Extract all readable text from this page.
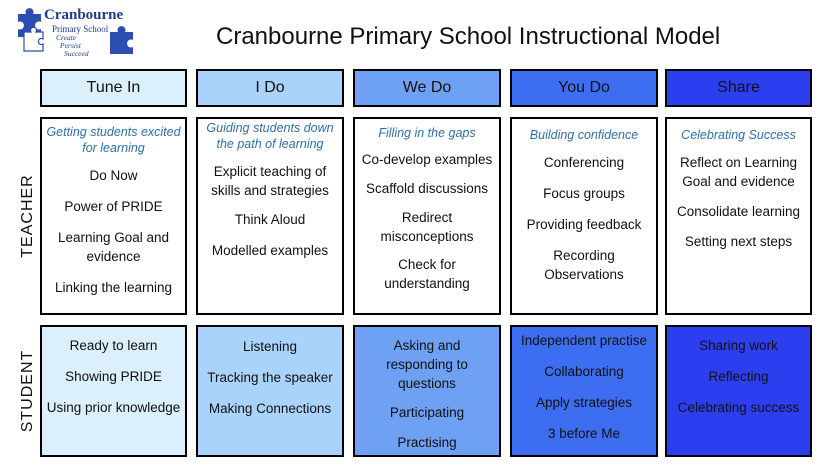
Cranbourne
Primary School
Create
Persist
Succeed
Cranbourne Primary School Instructional Model
TEACHER
STUDENT
Tune In
Getting students excited for learning
Do Now
Power of PRIDE
Learning Goal and evidence
Linking the learning
Ready to learn
Showing PRIDE
Using prior knowledge
I Do
Guiding students down the path of learning
Explicit teaching of skills and strategies
Think Aloud
Modelled examples
Listening
Tracking the speaker
Making Connections
We Do
Filling in the gaps
Co-develop examples
Scaffold discussions
Redirect misconceptions
Check for understanding
Asking and responding to questions
Participating
Practising
You Do
Building confidence
Conferencing
Focus groups
Providing feedback
Recording Observations
Independent practise
Collaborating
Apply strategies
3 before Me
Share
Celebrating Success
Reflect on Learning Goal and evidence
Consolidate learning
Setting next steps
Sharing work
Reflecting
Celebrating success
